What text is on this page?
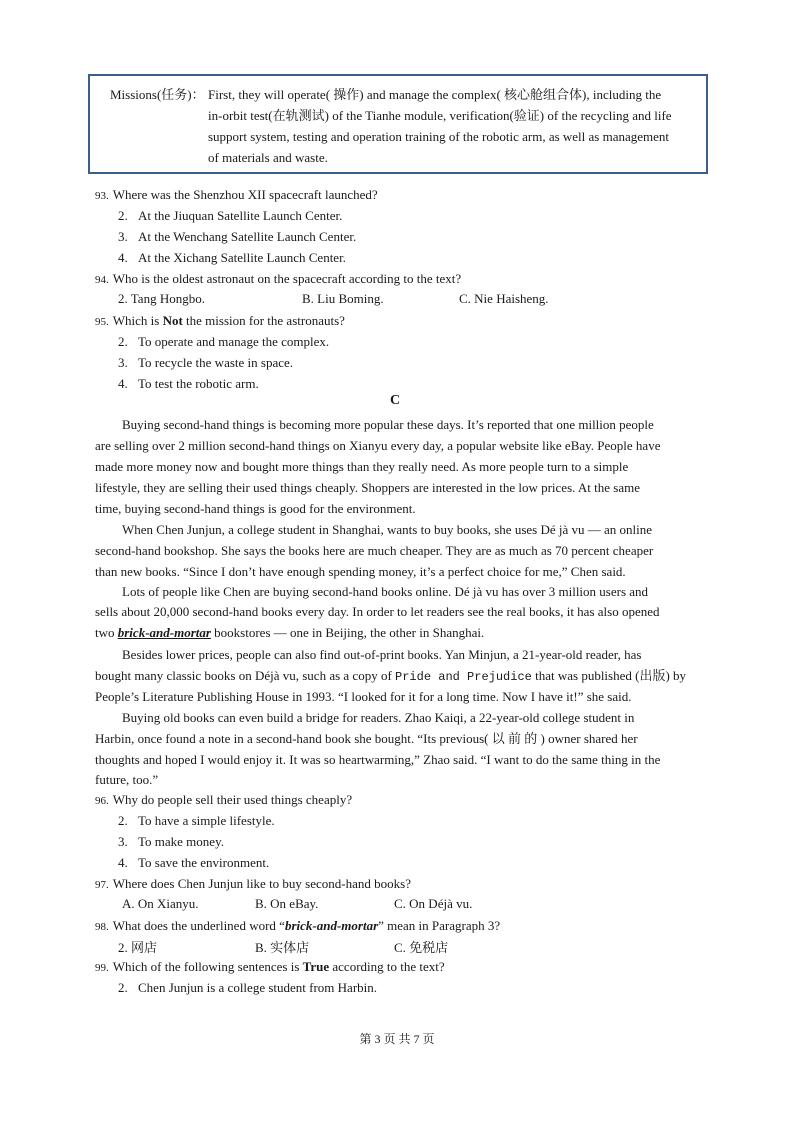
Missions(任务)： First, they will operate( 操作) and manage the complex( 核心舱组合体), including the
in-orbit test(在轨测试) of the Tianhe module, verification(验证) of the recycling and life
support system, testing and operation training of the robotic arm, as well as management
of materials and waste.
93. Where was the Shenzhou XII spacecraft launched?
2. At the Jiuquan Satellite Launch Center.
3. At the Wenchang Satellite Launch Center.
4. At the Xichang Satellite Launch Center.
94. Who is the oldest astronaut on the spacecraft according to the text?
2. Tang Hongbo.	B. Liu Boming.	C. Nie Haisheng.
95. Which is Not the mission for the astronauts?
2. To operate and manage the complex.
3. To recycle the waste in space.
4. To test the robotic arm.
C
Buying second-hand things is becoming more popular these days. It’s reported that one million people
are selling over 2 million second-hand things on Xianyu every day, a popular website like eBay. People have
made more money now and bought more things than they really need. As more people turn to a simple
lifestyle, they are selling their used things cheaply. Shoppers are interested in the low prices. At the same
time, buying second-hand things is good for the environment.
When Chen Junjun, a college student in Shanghai, wants to buy books, she uses Dé jà vu — an online
second-hand bookshop. She says the books here are much cheaper. They are as much as 70 percent cheaper
than new books. “Since I don’t have enough spending money, it’s a perfect choice for me,” Chen said.
Lots of people like Chen are buying second-hand books online. Dé jà vu has over 3 million users and
sells about 20,000 second-hand books every day. In order to let readers see the real books, it has also opened
two brick-and-mortar bookstores — one in Beijing, the other in Shanghai.
Besides lower prices, people can also find out-of-print books. Yan Minjun, a 21-year-old reader, has
bought many classic books on Déjà vu, such as a copy of Pride and Prejudice that was published (出版) by
People’s Literature Publishing House in 1993. “I looked for it for a long time. Now I have it!” she said.
Buying old books can even build a bridge for readers. Zhao Kaiqi, a 22-year-old college student in
Harbin, once found a note in a second-hand book she bought. “Its previous( 以 前 的 ) owner shared her
thoughts and hoped I would enjoy it. It was so heartwarming,” Zhao said. “I want to do the same thing in the
future, too.”
96. Why do people sell their used things cheaply?
2. To have a simple lifestyle.
3. To make money.
4. To save the environment.
97. Where does Chen Junjun like to buy second-hand books?
A. On Xianyu.	B. On eBay.	C. On Déjà vu.
98. What does the underlined word “brick-and-mortar” mean in Paragraph 3?
2. 网店	B. 实体店	C. 免税店
99. Which of the following sentences is True according to the text?
2. Chen Junjun is a college student from Harbin.
第 3 页 共 7 页
